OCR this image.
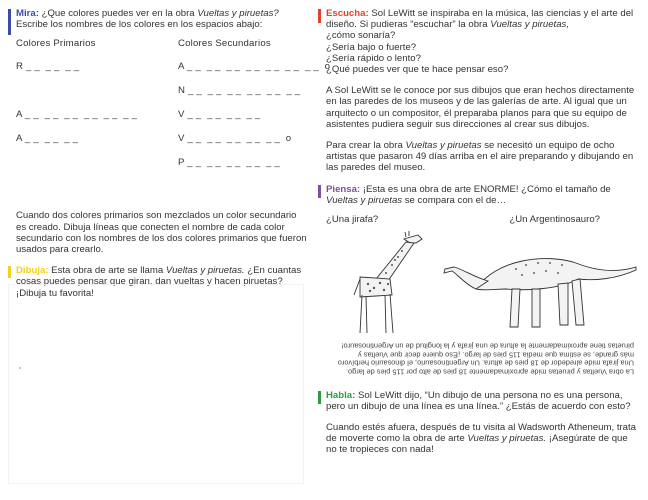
Mira: ¿Que colores puedes ver en la obra Vueltas y piruetas?

Escribe los nombres de los colores en los espacios abajo:

Colores Primarios	Colores Secundarios
R _ _  _ _  _ _
A _ _  _ _  _ _  _ _  _ _  _ _
A _ _  _ _  _ _
A _ _  _ _  _ _  _ _  _ _  _ _  _ _  o
N _ _  _ _  _ _  _ _  _ _  _ _
V _ _  _ _  _ _  _ _
V _ _  _ _  _ _  _ _  _ _  o
P _ _  _ _  _ _  _ _  _ _

Cuando dos colores primarios son mezclados un color secundario es creado. Dibuja líneas que conecten el nombre de cada color secundario con los nombres de los dos colores primarios que fueron usados para crearlo.

Dibuja: Esta obra de arte se llama Vueltas y piruetas. ¿En cuantas cosas puedes pensar que giran, dan vueltas y hacen piruetas? ¡Dibuja tu favorita!

Escucha: Sol LeWitt se inspiraba en la música, las ciencias y el arte del diseño. Si pudieras “escuchar” la obra Vueltas y piruetas,

¿cómo sonaría?

¿Sería bajo o fuerte?

¿Sería rápido o lento?

¿Qué puedes ver que te hace pensar eso?

A Sol LeWitt se le conoce por sus dibujos que eran hechos directamente en las paredes de los museos y de las galerías de arte. Al igual que un arquitecto o un compositor, él preparaba planos para que su equipo de asistentes pudiera seguir sus direcciones al crear sus dibujos.

Para crear la obra Vueltas y piruetas se necesitó un equipo de ocho artistas que pasaron 49 días arriba en el aire preparando y dibujando en las paredes del museo.

Piensa: ¡Esta es una obra de arte ENORME! ¿Cómo el tamaño de Vueltas y piruetas se compara con el de…

¿Una jirafa?	¿Un Argentinosauro?

La obra Vueltas y piruetas mide aproximadamente 18 pies de alto por 115 pies de largo. Una jirafa mide alrededor de 18 pies de altura. Un Argentinosaurio, el dinosaurio herbívoro más grande, se estima que media 115 pies de largo. ¡Eso quiere decir que Vueltas y piruetas tiene aproximadamente la altura de una jirafa y la longitud de un Argentinosauro!

Habla: Sol LeWitt dijo, “Un dibujo de una persona no es una persona, pero un dibujo de una línea es una línea.” ¿Estás de acuerdo con esto?

Cuando estés afuera, después de tu visita al Wadsworth Atheneum, trata de moverte como la obra de arte Vueltas y piruetas. ¡Asegúrate de que no te tropieces con nada!
